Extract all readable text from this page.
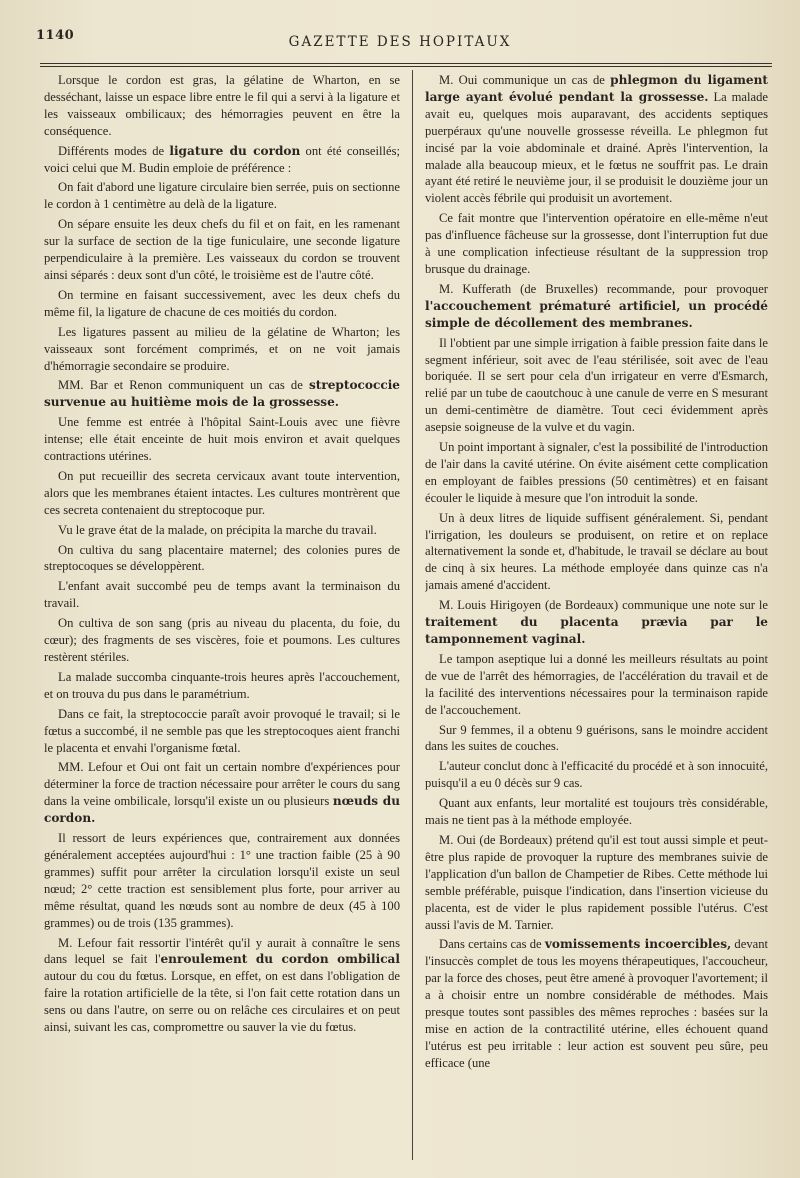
1140	GAZETTE DES HOPITAUX

Lorsque le cordon est gras, la gélatine de Wharton, en se desséchant, laisse un espace libre entre le fil qui a servi à la ligature et les vaisseaux ombilicaux; des hémorragies peuvent en être la conséquence.

Différents modes de ligature du cordon ont été conseillés; voici celui que M. Budin emploie de préférence :

On fait d'abord une ligature circulaire bien serrée, puis on sectionne le cordon à 1 centimètre au delà de la ligature.

On sépare ensuite les deux chefs du fil et on fait, en les ramenant sur la surface de section de la tige funiculaire, une seconde ligature perpendiculaire à la première. Les vaisseaux du cordon se trouvent ainsi séparés : deux sont d'un côté, le troisième est de l'autre côté.

On termine en faisant successivement, avec les deux chefs du même fil, la ligature de chacune de ces moitiés du cordon.

Les ligatures passent au milieu de la gélatine de Wharton; les vaisseaux sont forcément comprimés, et on ne voit jamais d'hémorragie secondaire se produire.

MM. Bar et Renon communiquent un cas de streptococcie survenue au huitième mois de la grossesse.

Une femme est entrée à l'hôpital Saint-Louis avec une fièvre intense; elle était enceinte de huit mois environ et avait quelques contractions utérines.

On put recueillir des secreta cervicaux avant toute intervention, alors que les membranes étaient intactes. Les cultures montrèrent que ces secreta contenaient du streptocoque pur.

Vu le grave état de la malade, on précipita la marche du travail.

On cultiva du sang placentaire maternel; des colonies pures de streptocoques se développèrent.

L'enfant avait succombé peu de temps avant la terminaison du travail.

On cultiva de son sang (pris au niveau du placenta, du foie, du cœur); des fragments de ses viscères, foie et poumons. Les cultures restèrent stériles.

La malade succomba cinquante-trois heures après l'accouchement, et on trouva du pus dans le paramétrium.

Dans ce fait, la streptococcie paraît avoir provoqué le travail; si le fœtus a succombé, il ne semble pas que les streptocoques aient franchi le placenta et envahi l'organisme fœtal.

MM. Lefour et Oui ont fait un certain nombre d'expériences pour déterminer la force de traction nécessaire pour arrêter le cours du sang dans la veine ombilicale, lorsqu'il existe un ou plusieurs nœuds du cordon.

Il ressort de leurs expériences que, contrairement aux données généralement acceptées aujourd'hui : 1° une traction faible (25 à 90 grammes) suffit pour arrêter la circulation lorsqu'il existe un seul nœud; 2° cette traction est sensiblement plus forte, pour arriver au même résultat, quand les nœuds sont au nombre de deux (45 à 100 grammes) ou de trois (135 grammes).

M. Lefour fait ressortir l'intérêt qu'il y aurait à connaître le sens dans lequel se fait l'enroulement du cordon ombilical autour du cou du fœtus. Lorsque, en effet, on est dans l'obligation de faire la rotation artificielle de la tête, si l'on fait cette rotation dans un sens ou dans l'autre, on serre ou on relâche ces circulaires et on peut ainsi, suivant les cas, compromettre ou sauver la vie du fœtus.

M. Oui communique un cas de phlegmon du ligament large ayant évolué pendant la grossesse. La malade avait eu, quelques mois auparavant, des accidents septiques puerpéraux qu'une nouvelle grossesse réveilla. Le phlegmon fut incisé par la voie abdominale et drainé. Après l'intervention, la malade alla beaucoup mieux, et le fœtus ne souffrit pas. Le drain ayant été retiré le neuvième jour, il se produisit le douzième jour un violent accès fébrile qui produisit un avortement.

Ce fait montre que l'intervention opératoire en elle-même n'eut pas d'influence fâcheuse sur la grossesse, dont l'interruption fut due à une complication infectieuse résultant de la suppression trop brusque du drainage.

M. Kufferath (de Bruxelles) recommande, pour provoquer l'accouchement prématuré artificiel, un procédé simple de décollement des membranes.

Il l'obtient par une simple irrigation à faible pression faite dans le segment inférieur, soit avec de l'eau stérilisée, soit avec de l'eau boriquée. Il se sert pour cela d'un irrigateur en verre d'Esmarch, relié par un tube de caoutchouc à une canule de verre en S mesurant un demi-centimètre de diamètre. Tout ceci évidemment après asepsie soigneuse de la vulve et du vagin.

Un point important à signaler, c'est la possibilité de l'introduction de l'air dans la cavité utérine. On évite aisément cette complication en employant de faibles pressions (50 centimètres) et en faisant écouler le liquide à mesure que l'on introduit la sonde.

Un à deux litres de liquide suffisent généralement. Si, pendant l'irrigation, les douleurs se produisent, on retire et on replace alternativement la sonde et, d'habitude, le travail se déclare au bout de cinq à six heures. La méthode employée dans quinze cas n'a jamais amené d'accident.

M. Louis Hirigoyen (de Bordeaux) communique une note sur le traitement du placenta prævia par le tamponnement vaginal.

Le tampon aseptique lui a donné les meilleurs résultats au point de vue de l'arrêt des hémorragies, de l'accélération du travail et de la facilité des interventions nécessaires pour la terminaison rapide de l'accouchement.

Sur 9 femmes, il a obtenu 9 guérisons, sans le moindre accident dans les suites de couches.

L'auteur conclut donc à l'efficacité du procédé et à son innocuité, puisqu'il a eu 0 décès sur 9 cas.

Quant aux enfants, leur mortalité est toujours très considérable, mais ne tient pas à la méthode employée.

M. Oui (de Bordeaux) prétend qu'il est tout aussi simple et peut-être plus rapide de provoquer la rupture des membranes suivie de l'application d'un ballon de Champetier de Ribes. Cette méthode lui semble préférable, puisque l'indication, dans l'insertion vicieuse du placenta, est de vider le plus rapidement possible l'utérus. C'est aussi l'avis de M. Tarnier.

Dans certains cas de vomissements incoercibles, devant l'insuccès complet de tous les moyens thérapeutiques, l'accoucheur, par la force des choses, peut être amené à provoquer l'avortement; il a à choisir entre un nombre considérable de méthodes. Mais presque toutes sont passibles des mêmes reproches : basées sur la mise en action de la contractilité utérine, elles échouent quand l'utérus est peu irritable : leur action est souvent peu sûre, peu efficace (une
